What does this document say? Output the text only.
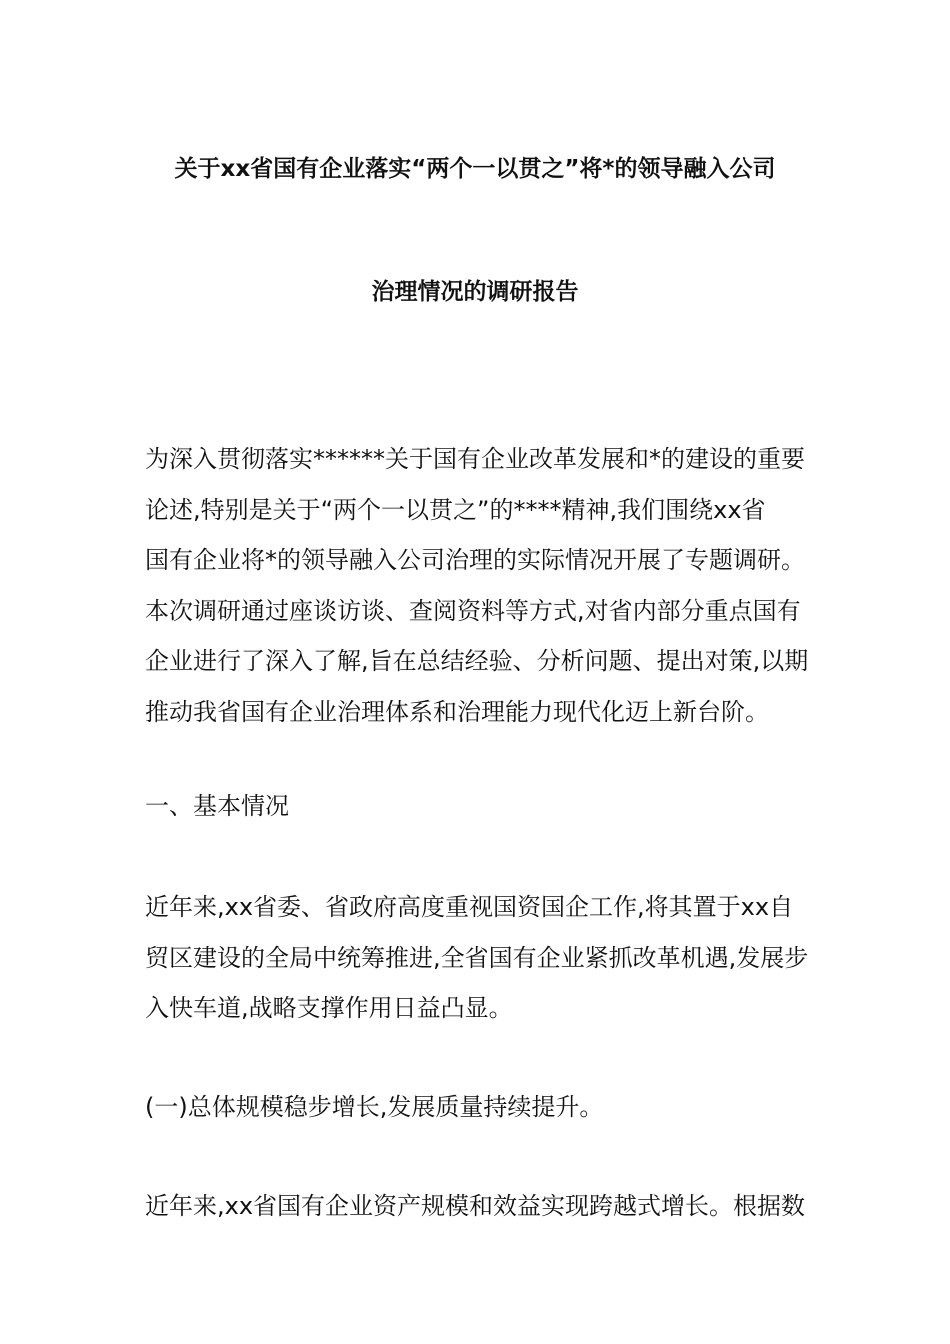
关于xx省国有企业落实“两个一以贯之”将*的领导融入公司
治理情况的调研报告
为深入贯彻落实******关于国有企业改革发展和*的建设的重要
论述,特别是关于“两个一以贯之”的****精神,我们围绕xx省
国有企业将*的领导融入公司治理的实际情况开展了专题调研。
本次调研通过座谈访谈、查阅资料等方式,对省内部分重点国有
企业进行了深入了解,旨在总结经验、分析问题、提出对策,以期
推动我省国有企业治理体系和治理能力现代化迈上新台阶。
一、基本情况
近年来,xx省委、省政府高度重视国资国企工作,将其置于xx自
贸区建设的全局中统筹推进,全省国有企业紧抓改革机遇,发展步
入快车道,战略支撑作用日益凸显。
(一)总体规模稳步增长,发展质量持续提升。
近年来,xx省国有企业资产规模和效益实现跨越式增长。根据数
